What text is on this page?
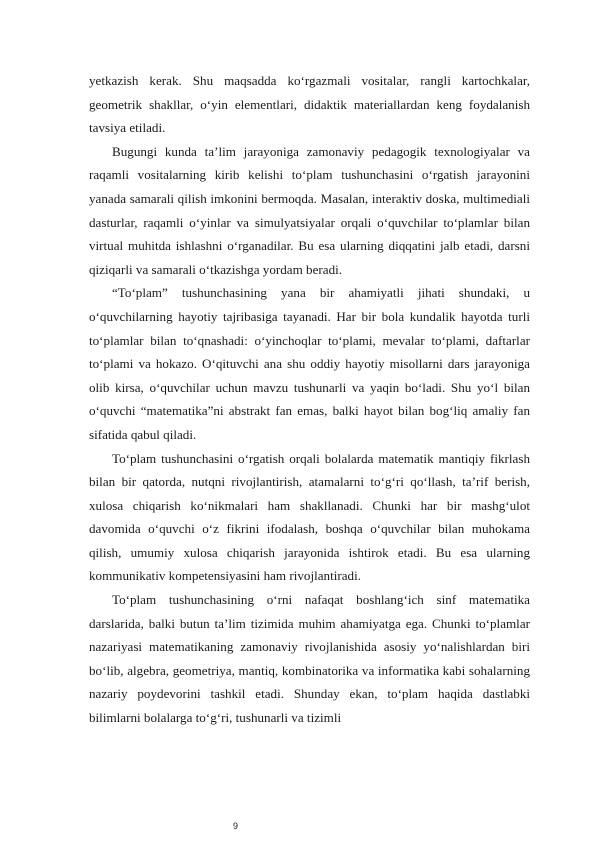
yetkazish kerak. Shu maqsadda ko‘rgazmali vositalar, rangli kartochkalar, geometrik shakllar, o‘yin elementlari, didaktik materiallardan keng foydalanish tavsiya etiladi.

Bugungi kunda ta’lim jarayoniga zamonaviy pedagogik texnologiyalar va raqamli vositalarning kirib kelishi to‘plam tushunchasini o‘rgatish jarayonini yanada samarali qilish imkonini bermoqda. Masalan, interaktiv doska, multimediali dasturlar, raqamli o‘yinlar va simulyatsiyalar orqali o‘quvchilar to‘plamlar bilan virtual muhitda ishlashni o‘rganadilar. Bu esa ularning diqqatini jalb etadi, darsni qiziqarli va samarali o‘tkazishga yordam beradi.

“To‘plam” tushunchasining yana bir ahamiyatli jihati shundaki, u o‘quvchilarning hayotiy tajribasiga tayanadi. Har bir bola kundalik hayotda turli to‘plamlar bilan to‘qnashadi: o‘yinchoqlar to‘plami, mevalar to‘plami, daftarlar to‘plami va hokazo. O‘qituvchi ana shu oddiy hayotiy misollarni dars jarayoniga olib kirsa, o‘quvchilar uchun mavzu tushunarli va yaqin bo‘ladi. Shu yo‘l bilan o‘quvchi “matematika”ni abstrakt fan emas, balki hayot bilan bog‘liq amaliy fan sifatida qabul qiladi.

To‘plam tushunchasini o‘rgatish orqali bolalarda matematik mantiqiy fikrlash bilan bir qatorda, nutqni rivojlantirish, atamalarni to‘g‘ri qo‘llash, ta’rif berish, xulosa chiqarish ko‘nikmalari ham shakllanadi. Chunki har bir mashg‘ulot davomida o‘quvchi o‘z fikrini ifodalash, boshqa o‘quvchilar bilan muhokama qilish, umumiy xulosa chiqarish jarayonida ishtirok etadi. Bu esa ularning kommunikativ kompetensiyasini ham rivojlantiradi.

To‘plam tushunchasining o‘rni nafaqat boshlang‘ich sinf matematika darslarida, balki butun ta’lim tizimida muhim ahamiyatga ega. Chunki to‘plamlar nazariyasi matematikaning zamonaviy rivojlanishida asosiy yo‘nalishlardan biri bo‘lib, algebra, geometriya, mantiq, kombinatorika va informatika kabi sohalarning nazariy poydevorini tashkil etadi. Shunday ekan, to‘plam haqida dastlabki bilimlarni bolalarga to‘g‘ri, tushunarli va tizimli

9
